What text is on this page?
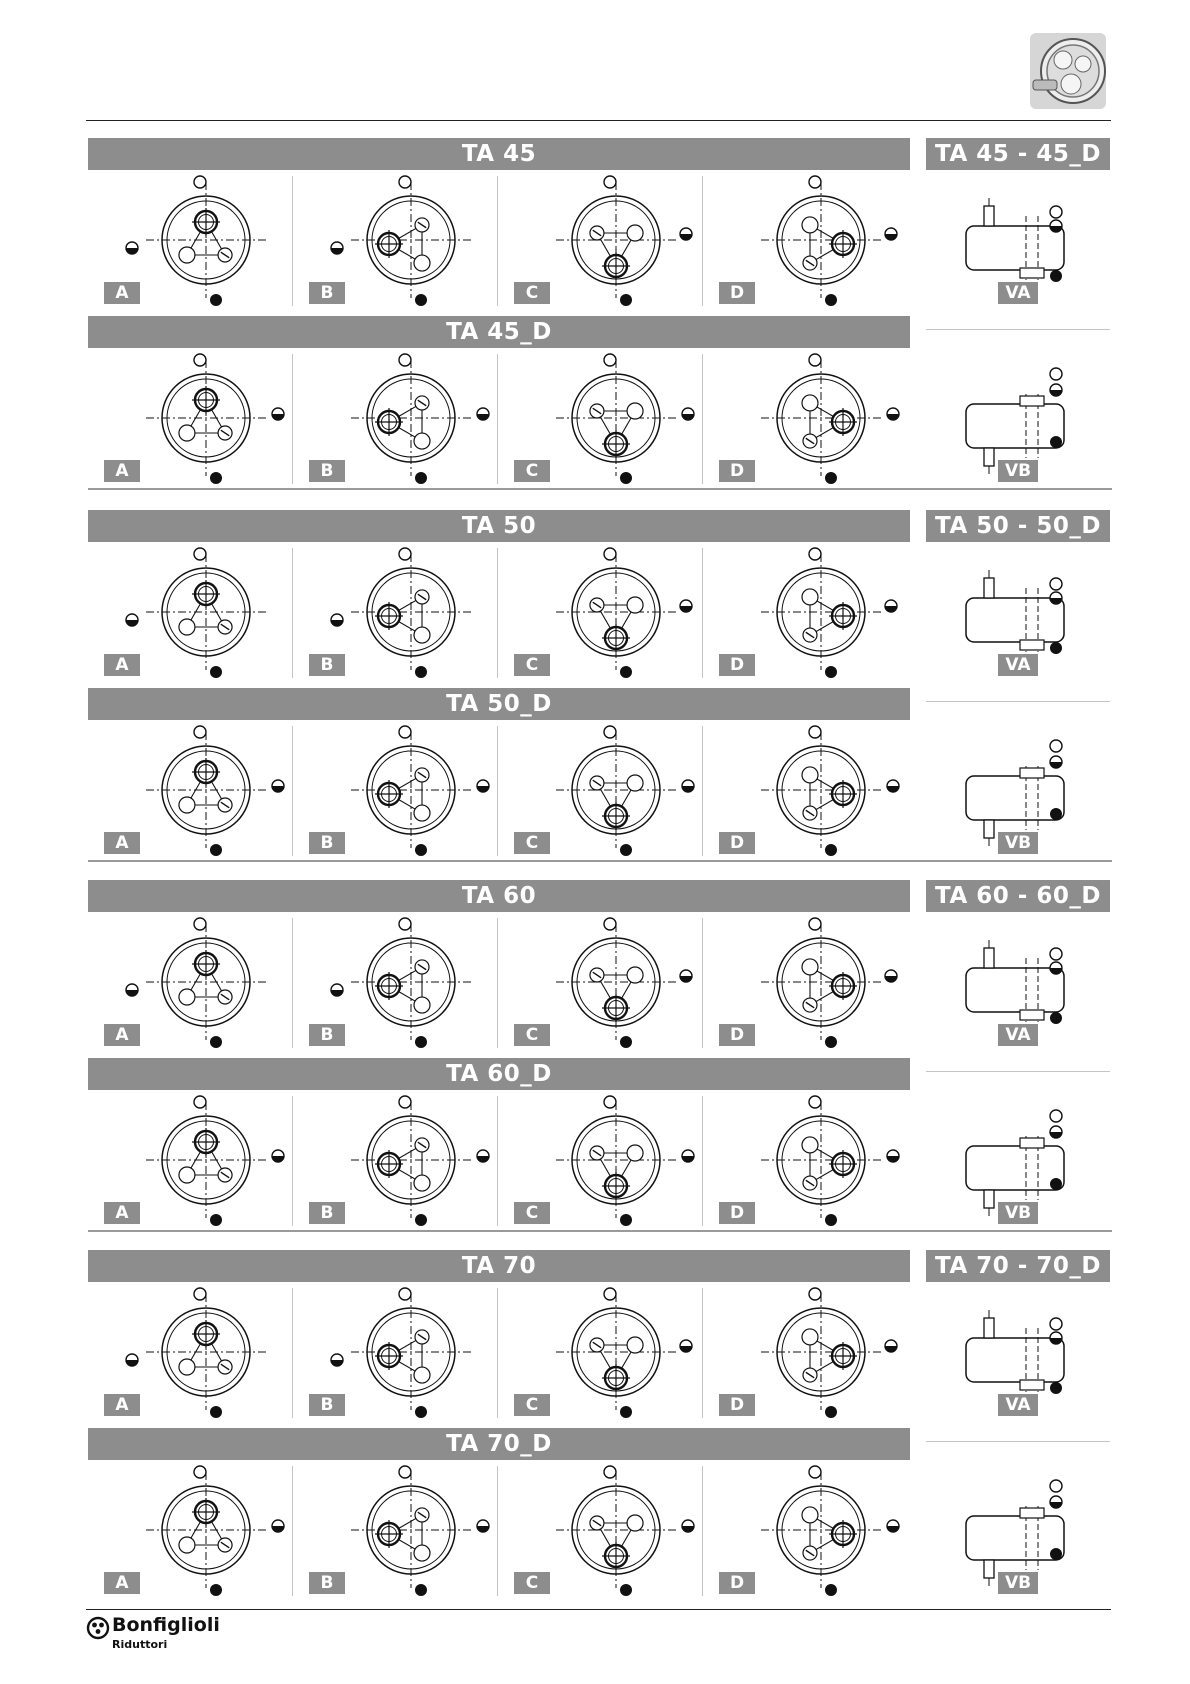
TA 45	TA 45 - 45_D
TA 45_D
A	B	C	D	VA
A	B	C	D	VB
TA 50	TA 50 - 50_D
TA 50_D
A	B	C	D	VA
A	B	C	D	VB
TA 60	TA 60 - 60_D
TA 60_D
A	B	C	D	VA
A	B	C	D	VB
TA 70	TA 70 - 70_D
TA 70_D
A	B	C	D	VA
A	B	C	D	VB
Bonfiglioli
Riduttori
